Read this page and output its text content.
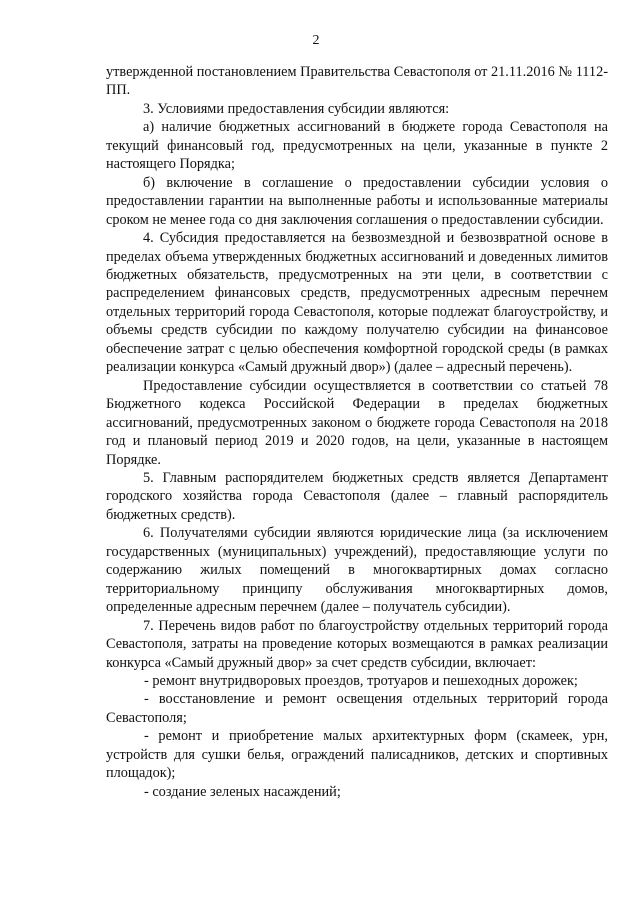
2

утвержденной постановлением Правительства Севастополя от 21.11.2016 № 1112-ПП.

3. Условиями предоставления субсидии являются:

а) наличие бюджетных ассигнований в бюджете города Севастополя на текущий финансовый год, предусмотренных на цели, указанные в пункте 2 настоящего Порядка;

б) включение в соглашение о предоставлении субсидии условия о предоставлении гарантии на выполненные работы и использованные материалы сроком не менее года со дня заключения соглашения о предоставлении субсидии.

4. Субсидия предоставляется на безвозмездной и безвозвратной основе в пределах объема утвержденных бюджетных ассигнований и доведенных лимитов бюджетных обязательств, предусмотренных на эти цели, в соответствии с распределением финансовых средств, предусмотренных адресным перечнем отдельных территорий города Севастополя, которые подлежат благоустройству, и объемы средств субсидии по каждому получателю субсидии на финансовое обеспечение затрат с целью обеспечения комфортной городской среды (в рамках реализации конкурса «Самый дружный двор») (далее – адресный перечень).

Предоставление субсидии осуществляется в соответствии со статьей 78 Бюджетного кодекса Российской Федерации в пределах бюджетных ассигнований, предусмотренных законом о бюджете города Севастополя на 2018 год и плановый период 2019 и 2020 годов, на цели, указанные в настоящем Порядке.

5. Главным распорядителем бюджетных средств является Департамент городского хозяйства города Севастополя (далее – главный распорядитель бюджетных средств).

6. Получателями субсидии являются юридические лица (за исключением государственных (муниципальных) учреждений), предоставляющие услуги по содержанию жилых помещений в многоквартирных домах согласно территориальному принципу обслуживания многоквартирных домов, определенные адресным перечнем (далее – получатель субсидии).

7. Перечень видов работ по благоустройству отдельных территорий города Севастополя, затраты на проведение которых возмещаются в рамках реализации конкурса «Самый дружный двор» за счет средств субсидии, включает:

- ремонт внутридворовых проездов, тротуаров и пешеходных дорожек;

- восстановление и ремонт освещения отдельных территорий города Севастополя;

- ремонт и приобретение малых архитектурных форм (скамеек, урн, устройств для сушки белья, ограждений палисадников, детских и спортивных площадок);

- создание зеленых насаждений;
